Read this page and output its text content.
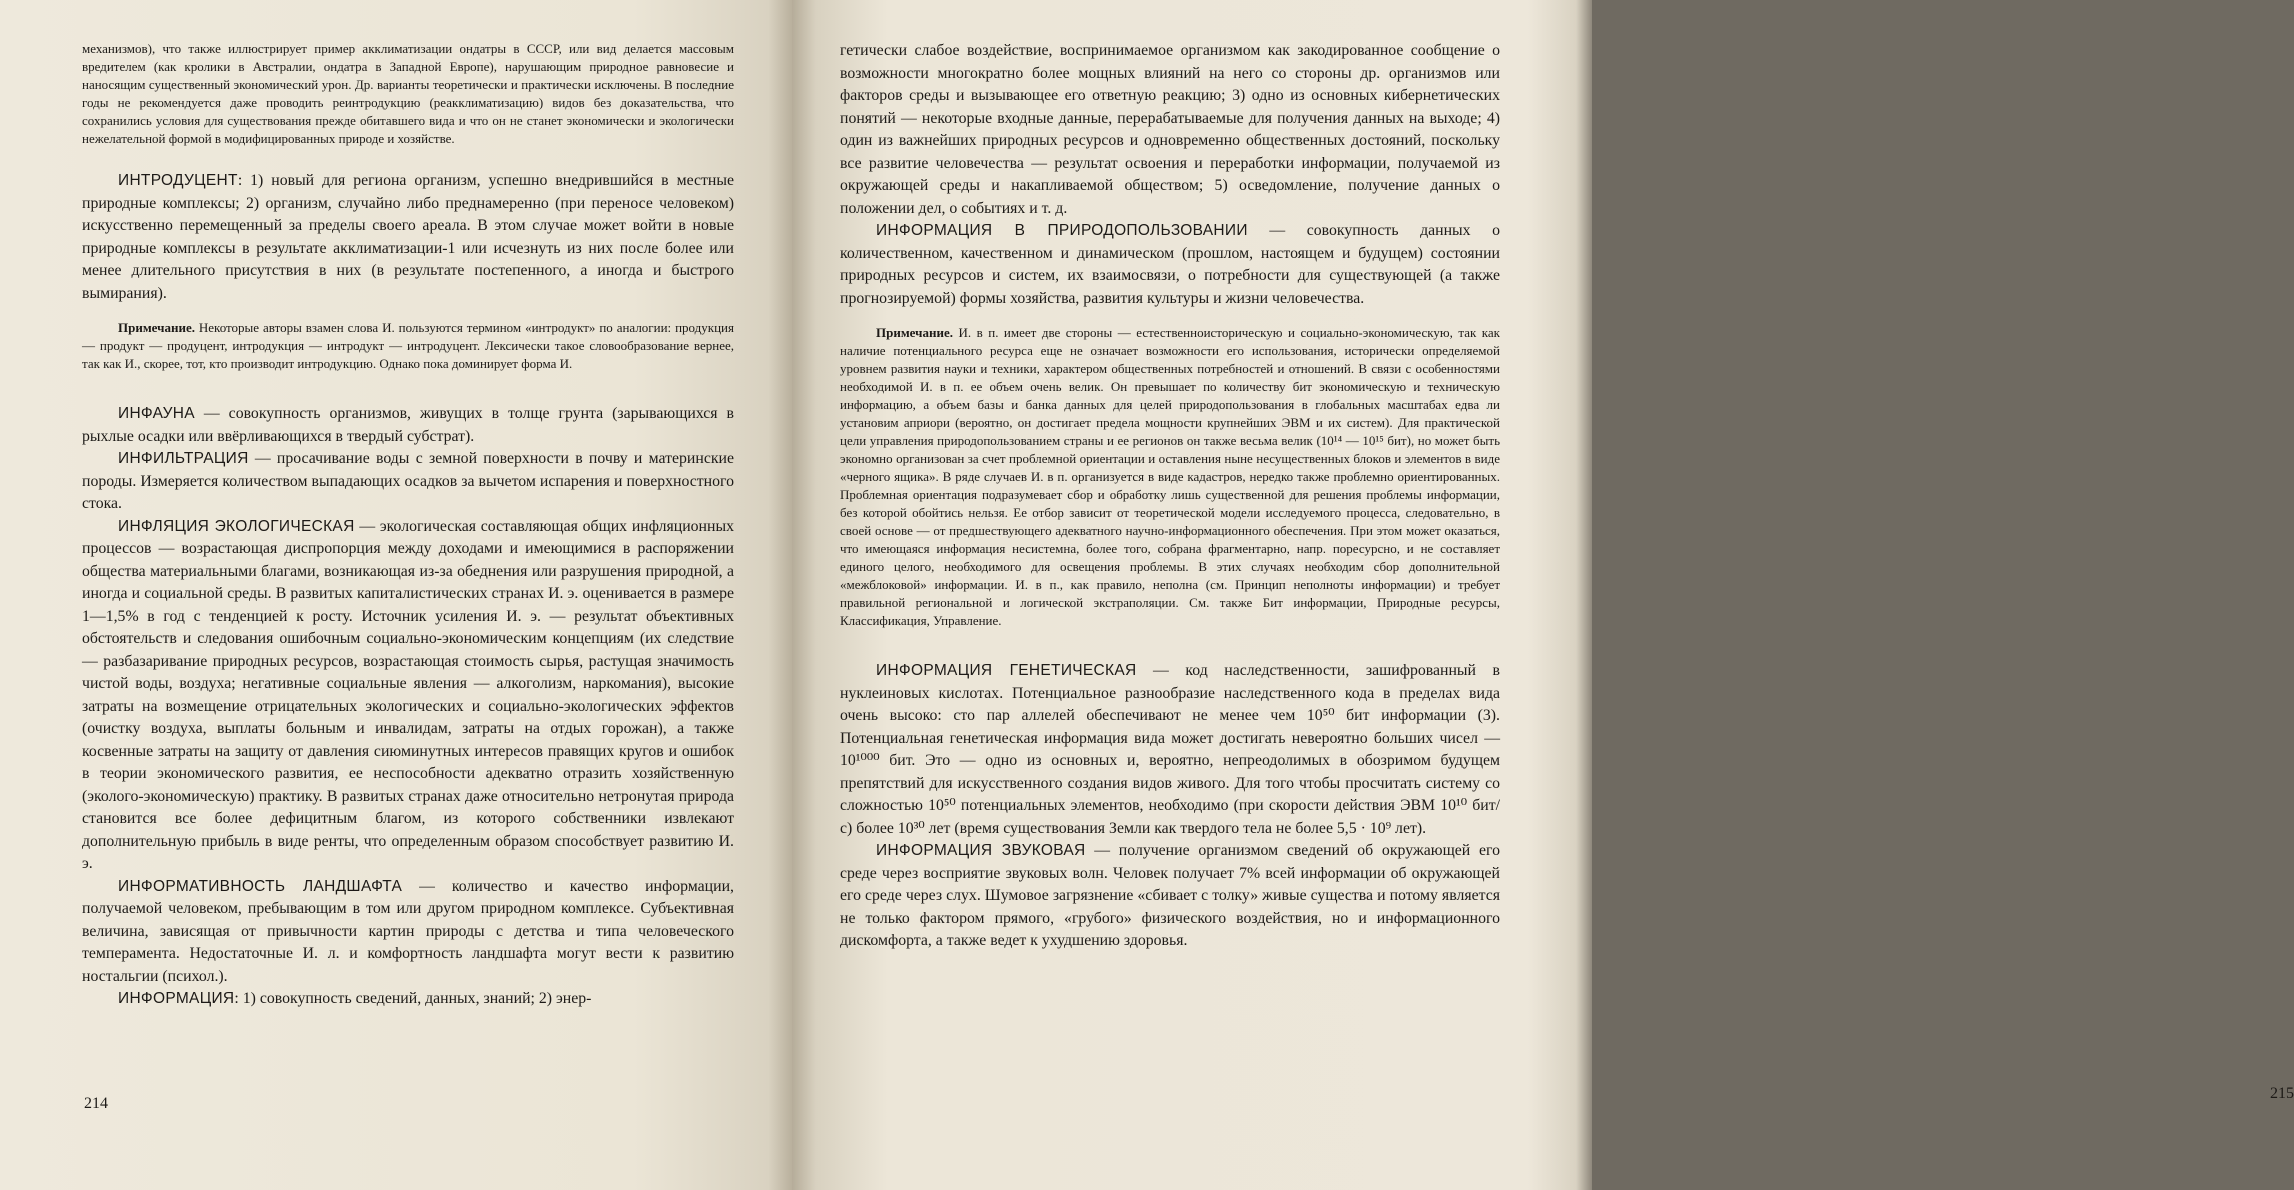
механизмов), что также иллюстрирует пример акклиматизации ондатры в СССР, или вид делается массовым вредителем (как кролики в Австралии, ондатра в Западной Европе), нарушающим природное равновесие и наносящим существенный экономический урон. Др. варианты теоретически и практически исключены. В последние годы не рекомендуется даже проводить реинтродукцию (реакклиматизацию) видов без доказательства, что сохранились условия для существования прежде обитавшего вида и что он не станет экономически и экологически нежелательной формой в модифицированных природе и хозяйстве.

ИНТРОДУЦЕНТ: 1) новый для региона организм, успешно внедрившийся в местные природные комплексы; 2) организм, случайно либо преднамеренно (при переносе человеком) искусственно перемещенный за пределы своего ареала. В этом случае может войти в новые природные комплексы в результате акклиматизации-1 или исчезнуть из них после более или менее длительного присутствия в них (в результате постепенного, а иногда и быстрого вымирания).

Примечание. Некоторые авторы взамен слова И. пользуются термином «интродукт» по аналогии: продукция — продукт — продуцент, интродукция — интродукт — интродуцент. Лексически такое словообразование вернее, так как И., скорее, тот, кто производит интродукцию. Однако пока доминирует форма И.

ИНФАУНА — совокупность организмов, живущих в толще грунта (зарывающихся в рыхлые осадки или ввёрливающихся в твердый субстрат).

ИНФИЛЬТРАЦИЯ — просачивание воды с земной поверхности в почву и материнские породы. Измеряется количеством выпадающих осадков за вычетом испарения и поверхностного стока.

ИНФЛЯЦИЯ ЭКОЛОГИЧЕСКАЯ — экологическая составляющая общих инфляционных процессов — возрастающая диспропорция между доходами и имеющимися в распоряжении общества материальными благами, возникающая из-за обеднения или разрушения природной, а иногда и социальной среды. В развитых капиталистических странах И. э. оценивается в размере 1—1,5% в год с тенденцией к росту. Источник усиления И. э. — результат объективных обстоятельств и следования ошибочным социально-экономическим концепциям (их следствие — разбазаривание природных ресурсов, возрастающая стоимость сырья, растущая значимость чистой воды, воздуха; негативные социальные явления — алкоголизм, наркомания), высокие затраты на возмещение отрицательных экологических и социально-экологических эффектов (очистку воздуха, выплаты больным и инвалидам, затраты на отдых горожан), а также косвенные затраты на защиту от давления сиюминутных интересов правящих кругов и ошибок в теории экономического развития, ее неспособности адекватно отразить хозяйственную (эколого-экономическую) практику. В развитых странах даже относительно нетронутая природа становится все более дефицитным благом, из которого собственники извлекают дополнительную прибыль в виде ренты, что определенным образом способствует развитию И. э.

ИНФОРМАТИВНОСТЬ ЛАНДШАФТА — количество и качество информации, получаемой человеком, пребывающим в том или другом природном комплексе. Субъективная величина, зависящая от привычности картин природы с детства и типа человеческого темперамента. Недостаточные И. л. и комфортность ландшафта могут вести к развитию ностальгии (психол.).

ИНФОРМАЦИЯ: 1) совокупность сведений, данных, знаний; 2) энер-

214

гетически слабое воздействие, воспринимаемое организмом как закодированное сообщение о возможности многократно более мощных влияний на него со стороны др. организмов или факторов среды и вызывающее его ответную реакцию; 3) одно из основных кибернетических понятий — некоторые входные данные, перерабатываемые для получения данных на выходе; 4) один из важнейших природных ресурсов и одновременно общественных достояний, поскольку все развитие человечества — результат освоения и переработки информации, получаемой из окружающей среды и накапливаемой обществом; 5) осведомление, получение данных о положении дел, о событиях и т. д.

ИНФОРМАЦИЯ В ПРИРОДОПОЛЬЗОВАНИИ — совокупность данных о количественном, качественном и динамическом (прошлом, настоящем и будущем) состоянии природных ресурсов и систем, их взаимосвязи, о потребности для существующей (а также прогнозируемой) формы хозяйства, развития культуры и жизни человечества.

Примечание. И. в п. имеет две стороны — естественноисторическую и социально-экономическую, так как наличие потенциального ресурса еще не означает возможности его использования, исторически определяемой уровнем развития науки и техники, характером общественных потребностей и отношений. В связи с особенностями необходимой И. в п. ее объем очень велик. Он превышает по количеству бит экономическую и техническую информацию, а объем базы и банка данных для целей природопользования в глобальных масштабах едва ли установим априори (вероятно, он достигает предела мощности крупнейших ЭВМ и их систем). Для практической цели управления природопользованием страны и ее регионов он также весьма велик (10¹⁴ — 10¹⁵ бит), но может быть экономно организован за счет проблемной ориентации и оставления ныне несущественных блоков и элементов в виде «черного ящика». В ряде случаев И. в п. организуется в виде кадастров, нередко также проблемно ориентированных. Проблемная ориентация подразумевает сбор и обработку лишь существенной для решения проблемы информации, без которой обойтись нельзя. Ее отбор зависит от теоретической модели исследуемого процесса, следовательно, в своей основе — от предшествующего адекватного научно-информационного обеспечения. При этом может оказаться, что имеющаяся информация несистемна, более того, собрана фрагментарно, напр. поресурсно, и не составляет единого целого, необходимого для освещения проблемы. В этих случаях необходим сбор дополнительной «межблоковой» информации. И. в п., как правило, неполна (см. Принцип неполноты информации) и требует правильной региональной и логической экстраполяции. См. также Бит информации, Природные ресурсы, Классификация, Управление.

ИНФОРМАЦИЯ ГЕНЕТИЧЕСКАЯ — код наследственности, зашифрованный в нуклеиновых кислотах. Потенциальное разнообразие наследственного кода в пределах вида очень высоко: сто пар аллелей обеспечивают не менее чем 10⁵⁰ бит информации (3). Потенциальная генетическая информация вида может достигать невероятно больших чисел — 10¹⁰⁰⁰ бит. Это — одно из основных и, вероятно, непреодолимых в обозримом будущем препятствий для искусственного создания видов живого. Для того чтобы просчитать систему со сложностью 10⁵⁰ потенциальных элементов, необходимо (при скорости действия ЭВМ 10¹⁰ бит/с) более 10³⁰ лет (время существования Земли как твердого тела не более 5,5 · 10⁹ лет).

ИНФОРМАЦИЯ ЗВУКОВАЯ — получение организмом сведений об окружающей его среде через восприятие звуковых волн. Человек получает 7% всей информации об окружающей его среде через слух. Шумовое загрязнение «сбивает с толку» живые существа и потому является не только фактором прямого, «грубого» физического воздействия, но и информационного дискомфорта, а также ведет к ухудшению здоровья.

215
